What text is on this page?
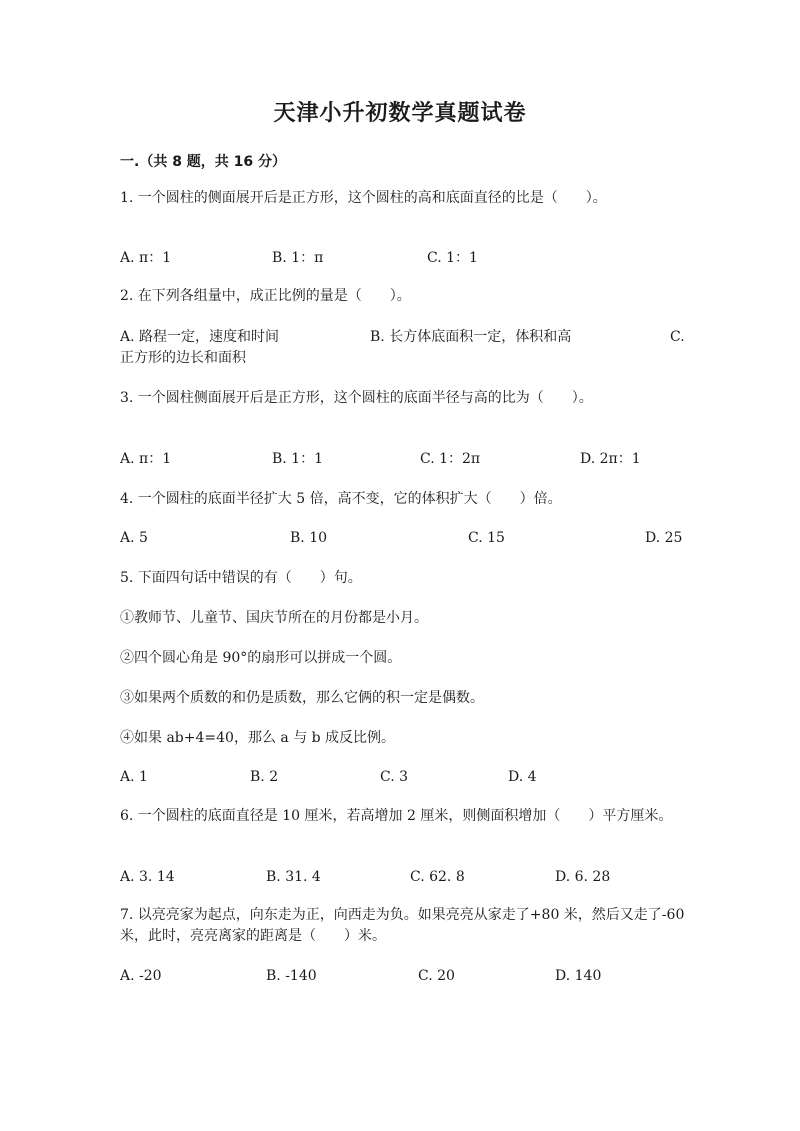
天津小升初数学真题试卷
一.（共 8 题，共 16 分）
1. 一个圆柱的侧面展开后是正方形，这个圆柱的高和底面直径的比是（　　）。
A. π：1	B. 1：π	C. 1：1
2. 在下列各组量中，成正比例的量是（　　）。
A. 路程一定，速度和时间	B. 长方体底面积一定，体积和高	C.
正方形的边长和面积
3. 一个圆柱侧面展开后是正方形，这个圆柱的底面半径与高的比为（　　）。
A. π：1	B. 1：1	C. 1：2π	D. 2π：1
4. 一个圆柱的底面半径扩大 5 倍，高不变，它的体积扩大（　　）倍。
A. 5	B. 10	C. 15	D. 25
5. 下面四句话中错误的有（　　）句。
①教师节、儿童节、国庆节所在的月份都是小月。
②四个圆心角是 90°的扇形可以拼成一个圆。
③如果两个质数的和仍是质数，那么它俩的积一定是偶数。
④如果 ab+4=40，那么 a 与 b 成反比例。
A. 1	B. 2	C. 3	D. 4
6. 一个圆柱的底面直径是 10 厘米，若高增加 2 厘米，则侧面积增加（　　）平方厘米。
A. 3. 14	B. 31. 4	C. 62. 8	D. 6. 28
7. 以亮亮家为起点，向东走为正，向西走为负。如果亮亮从家走了+80 米，然后又走了-60 米，此时，亮亮离家的距离是（　　）米。
A. -20	B. -140	C. 20	D. 140
